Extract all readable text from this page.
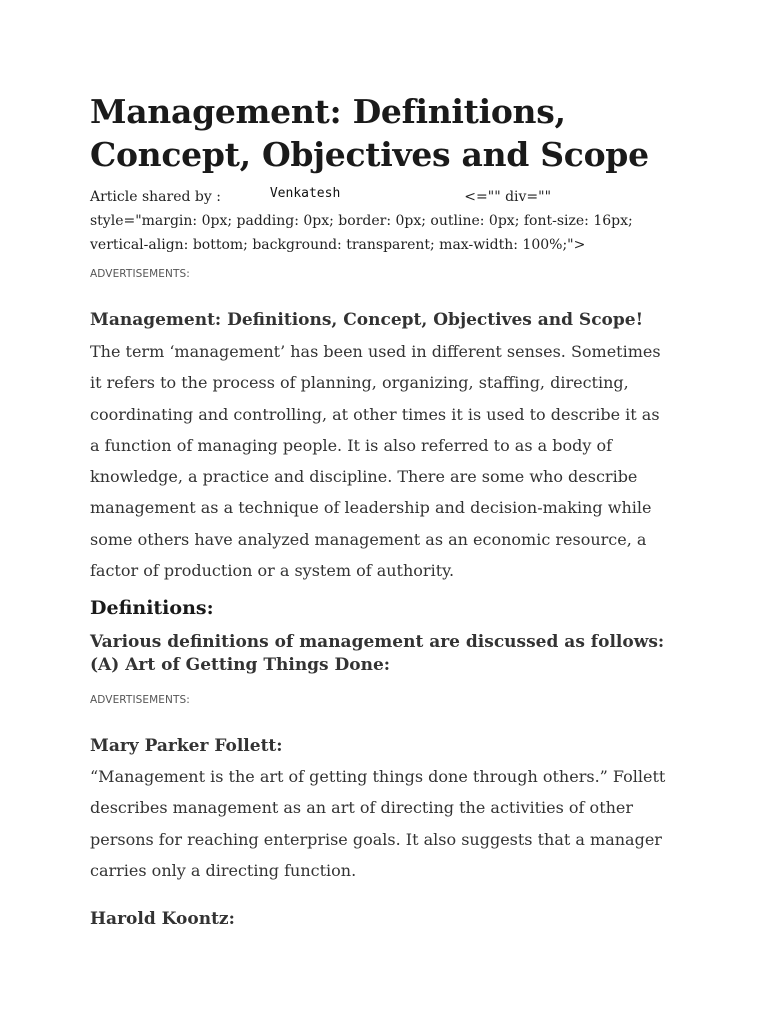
Management: Definitions, Concept, Objectives and Scope
Article shared by :	Venkatesh	<="" div="" style="margin: 0px; padding: 0px; border: 0px; outline: 0px; font-size: 16px; vertical-align: bottom; background: transparent; max-width: 100%;">
ADVERTISEMENTS:
Management: Definitions, Concept, Objectives and Scope!

The term ‘management’ has been used in different senses. Sometimes it refers to the process of planning, organizing, staffing, directing, coordinating and controlling, at other times it is used to describe it as a function of managing people. It is also referred to as a body of knowledge, a practice and discipline. There are some who describe management as a technique of leadership and decision-making while some others have analyzed management as an economic resource, a factor of production or a system of authority.

Definitions:
Various definitions of management are discussed as follows:
(A) Art of Getting Things Done:
ADVERTISEMENTS:
Mary Parker Follett:

“Management is the art of getting things done through others.” Follett describes management as an art of directing the activities of other persons for reaching enterprise goals. It also suggests that a manager carries only a directing function.

Harold Koontz:
